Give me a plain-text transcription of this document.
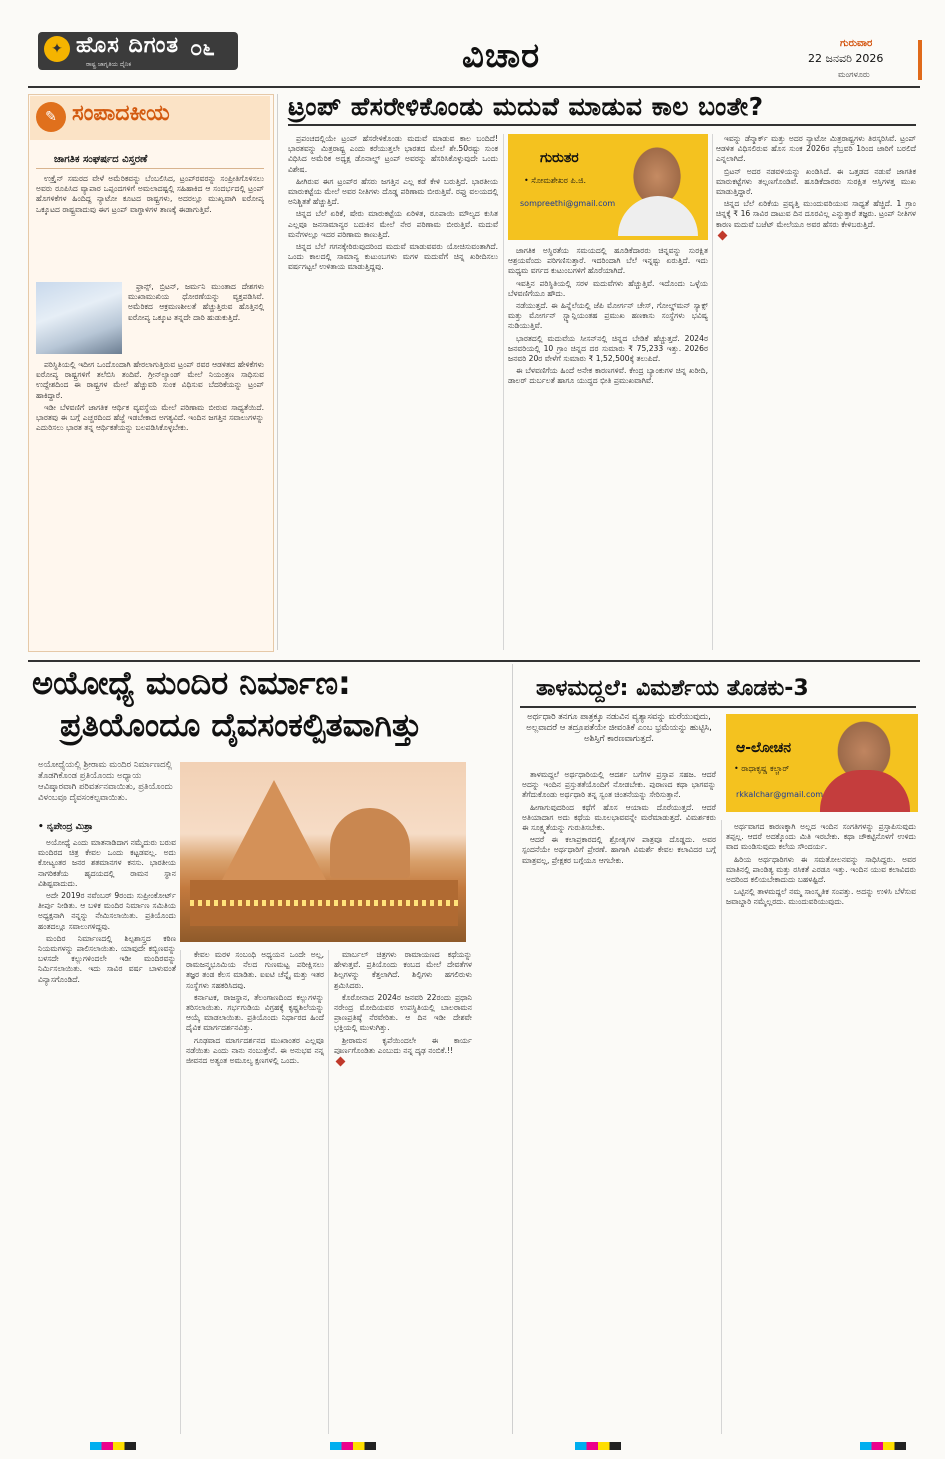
✦ ಹೊಸ ದಿಗಂತ
ರಾಷ್ಟ್ರ ಜಾಗೃತಿಯ ದೈನಿಕ
೦೬	ವಿಚಾರ	ಗುರುವಾರ
22 ಜನವರಿ 2026
ಮಂಗಳೂರು
✎ ಸಂಪಾದಕೀಯ
ಜಾಗತಿಕ ಸಂಘರ್ಷದ ವಿಸ್ತರಣೆ

ಉಕ್ರೈನ್ ಸಮರದ ವೇಳೆ ಅಮೆರಿಕವನ್ನು ಬೆಂಬಲಿಸಿದ, ಟ್ರಂಪ್‌ರವರನ್ನು ಸಂಪ್ರೀತಿಗೊಳಿಸಲು ಅವರು ರೂಪಿಸಿದ ವ್ಯಾಪಾರ ಒಪ್ಪಂದಗಳಿಗೆ ಅಮಲಾದಷ್ಟಲ್ಲಿ ಸಹಿಹಾಕಿದ ಆ ಸಂದರ್ಭದಲ್ಲಿ ಟ್ರಂಪ್ ಹೊಗಳಿಕೆಗಳ ಹಿಂದಿದ್ದ ನ್ಯಾಟೋ ಕೂಟದ ರಾಷ್ಟ್ರಗಳು, ಅದರಲ್ಲೂ ಮುಖ್ಯವಾಗಿ ಐರೋಪ್ಯ ಒಕ್ಕೂಟದ ರಾಷ್ಟ್ರವಾದುವು ಈಗ ಟ್ರಂಪ್ ವಾಗ್ದಾಳಿಗಳ ತಾಣಕ್ಕೆ ಈಡಾಗುತ್ತಿವೆ.

ಫ್ರಾನ್ಸ್, ಬ್ರಿಟನ್, ಜರ್ಮನಿ ಮುಂತಾದ ದೇಶಗಳು ಮುಖಾಮುಖಿಯ ಧೋರಣೆಯನ್ನು ವ್ಯಕ್ತಪಡಿಸಿವೆ. ಅಮೆರಿಕದ ಆಕ್ರಮಣಶೀಲತೆ ಹೆಚ್ಚುತ್ತಿರುವ ಹೊತ್ತಿನಲ್ಲಿ ಐರೋಪ್ಯ ಒಕ್ಕೂಟ ತನ್ನದೇ ದಾರಿ ಹುಡುಕುತ್ತಿದೆ.

ಪರಿಸ್ಥಿತಿಯಲ್ಲಿ ಇದೀಗ ಒಂದೊಂದಾಗಿ ಹೇರಲಾಗುತ್ತಿರುವ ಟ್ರಂಪ್ ರವರ ಆಡಳಿತದ ಹೇಳಿಕೆಗಳು ಐರೋಪ್ಯ ರಾಷ್ಟ್ರಗಳಿಗೆ ತಲೆಬಿಸಿ ತಂದಿವೆ. ಗ್ರೀನ್‌ಲ್ಯಾಂಡ್ ಮೇಲೆ ನಿಯಂತ್ರಣ ಸಾಧಿಸುವ ಉದ್ದೇಶದಿಂದ ಈ ರಾಷ್ಟ್ರಗಳ ಮೇಲೆ ಹೆಚ್ಚುವರಿ ಸುಂಕ ವಿಧಿಸುವ ಬೆದರಿಕೆಯನ್ನು ಟ್ರಂಪ್ ಹಾಕಿದ್ದಾರೆ.

ಇಡೀ ಬೆಳವಣಿಗೆ ಜಾಗತಿಕ ಆರ್ಥಿಕ ವ್ಯವಸ್ಥೆಯ ಮೇಲೆ ಪರಿಣಾಮ ಬೀರುವ ಸಾಧ್ಯತೆಯಿದೆ. ಭಾರತವು ಈ ಬಗ್ಗೆ ಎಚ್ಚರದಿಂದ ಹೆಜ್ಜೆ ಇಡಬೇಕಾದ ಅಗತ್ಯವಿದೆ. ಇಂದಿನ ಜಗತ್ತಿನ ಸವಾಲುಗಳನ್ನು ಎದುರಿಸಲು ಭಾರತ ತನ್ನ ಆರ್ಥಿಕತೆಯನ್ನು ಬಲಪಡಿಸಿಕೊಳ್ಳಬೇಕು.

ಟ್ರಂಪ್ ಹೆಸರೇಳಿಕೊಂಡು ಮದುವೆ ಮಾಡುವ ಕಾಲ ಬಂತೇ?

ಪ್ರಪಂಚದಲ್ಲಿಯೇ ಟ್ರಂಪ್ ಹೆಸರೇಳಿಕೊಂಡು ಮದುವೆ ಮಾಡುವ ಕಾಲ ಬಂದಿದೆ! ಭಾರತವನ್ನು ಮಿತ್ರರಾಷ್ಟ್ರ ಎಂದು ಕರೆಯುತ್ತಲೇ ಭಾರತದ ಮೇಲೆ ಶೇ.50ರಷ್ಟು ಸುಂಕ ವಿಧಿಸಿದ ಅಮೆರಿಕ ಅಧ್ಯಕ್ಷ ಡೊನಾಲ್ಡ್ ಟ್ರಂಪ್ ಅವರನ್ನು ಹೆಸರಿಸಿಕೊಳ್ಳುವುದೇ ಒಂದು ವಿಶೇಷ.

ಹೀಗಿರುವ ಈಗ ಟ್ರಂಪ್‌ರ ಹೆಸರು ಜಗತ್ತಿನ ಎಲ್ಲ ಕಡೆ ಕೇಳಿ ಬರುತ್ತಿದೆ. ಭಾರತೀಯ ಮಾರುಕಟ್ಟೆಯ ಮೇಲೆ ಅವರ ನೀತಿಗಳು ದೊಡ್ಡ ಪರಿಣಾಮ ಬೀರುತ್ತಿವೆ. ರಫ್ತು ವಲಯದಲ್ಲಿ ಅನಿಶ್ಚಿತತೆ ಹೆಚ್ಚುತ್ತಿದೆ.

ಚಿನ್ನದ ಬೆಲೆ ಏರಿಕೆ, ಷೇರು ಮಾರುಕಟ್ಟೆಯ ಏರಿಳಿತ, ರೂಪಾಯಿ ಮೌಲ್ಯದ ಕುಸಿತ ಎಲ್ಲವೂ ಜನಸಾಮಾನ್ಯರ ಬದುಕಿನ ಮೇಲೆ ನೇರ ಪರಿಣಾಮ ಬೀರುತ್ತಿವೆ. ಮದುವೆ ಮನೆಗಳಲ್ಲೂ ಇದರ ಪರಿಣಾಮ ಕಾಣುತ್ತಿದೆ.

ಚಿನ್ನದ ಬೆಲೆ ಗಗನಕ್ಕೇರಿರುವುದರಿಂದ ಮದುವೆ ಮಾಡುವವರು ಯೋಚಿಸುವಂತಾಗಿದೆ. ಒಂದು ಕಾಲದಲ್ಲಿ ಸಾಮಾನ್ಯ ಕುಟುಂಬಗಳು ಮಗಳ ಮದುವೆಗೆ ಚಿನ್ನ ಖರೀದಿಸಲು ವರ್ಷಗಟ್ಟಲೆ ಉಳಿತಾಯ ಮಾಡುತ್ತಿದ್ದವು.

ಗುರುತರ
• ಸೋಮಶೇಖರ ಪಿ.ಜಿ.
sompreethi@gmail.com

ಜಾಗತಿಕ ಅಸ್ಥಿರತೆಯ ಸಮಯದಲ್ಲಿ ಹೂಡಿಕೆದಾರರು ಚಿನ್ನವನ್ನು ಸುರಕ್ಷಿತ ಆಶ್ರಯವೆಂದು ಪರಿಗಣಿಸುತ್ತಾರೆ. ಇದರಿಂದಾಗಿ ಬೆಲೆ ಇನ್ನಷ್ಟು ಏರುತ್ತಿದೆ. ಇದು ಮಧ್ಯಮ ವರ್ಗದ ಕುಟುಂಬಗಳಿಗೆ ಹೊರೆಯಾಗಿದೆ.

ಇವತ್ತಿನ ಪರಿಸ್ಥಿತಿಯಲ್ಲಿ ಸರಳ ಮದುವೆಗಳು ಹೆಚ್ಚುತ್ತಿವೆ. ಇದೊಂದು ಒಳ್ಳೆಯ ಬೆಳವಣಿಗೆಯೂ ಹೌದು.

ನಡೆಯುತ್ತದೆ. ಈ ಹಿನ್ನೆಲೆಯಲ್ಲಿ ಜೆಪಿ ಮೋರ್ಗನ್ ಚೇಸ್, ಗೋಲ್ಡ್‌ಮನ್ ಸ್ಯಾಕ್ಸ್ ಮತ್ತು ಮೋರ್ಗನ್ ಸ್ಟ್ಯಾನ್ಲಿಯಂತಹ ಪ್ರಮುಖ ಹಣಕಾಸು ಸಂಸ್ಥೆಗಳು ಭವಿಷ್ಯ ನುಡಿಯುತ್ತಿವೆ.

ಭಾರತದಲ್ಲಿ ಮದುವೆಯ ಸೀಸನ್‌ನಲ್ಲಿ ಚಿನ್ನದ ಬೇಡಿಕೆ ಹೆಚ್ಚುತ್ತದೆ. 2024ರ ಜನವರಿಯಲ್ಲಿ 10 ಗ್ರಾಂ ಚಿನ್ನದ ದರ ಸುಮಾರು ₹ 75,233 ಇತ್ತು. 2026ರ ಜನವರಿ 20ರ ವೇಳೆಗೆ ಸುಮಾರು ₹ 1,52,500ಕ್ಕೆ ತಲುಪಿದೆ.

ಈ ಬೆಳವಣಿಗೆಯ ಹಿಂದೆ ಅನೇಕ ಕಾರಣಗಳಿವೆ. ಕೇಂದ್ರ ಬ್ಯಾಂಕುಗಳ ಚಿನ್ನ ಖರೀದಿ, ಡಾಲರ್ ದುರ್ಬಲತೆ ಹಾಗೂ ಯುದ್ಧದ ಭೀತಿ ಪ್ರಮುಖವಾಗಿವೆ.

ಇವನ್ನು ಡೆನ್ಮಾರ್ಕ್ ಮತ್ತು ಅದರ ನ್ಯಾಟೋ ಮಿತ್ರರಾಷ್ಟ್ರಗಳು ತಿರಸ್ಕರಿಸಿವೆ. ಟ್ರಂಪ್ ಆಡಳಿತ ವಿಧಿಸಲಿರುವ ಹೊಸ ಸುಂಕ 2026ರ ಫೆಬ್ರವರಿ 1ರಿಂದ ಜಾರಿಗೆ ಬರಲಿದೆ ಎನ್ನಲಾಗಿದೆ.

ಬ್ರಿಟನ್ ಅದರ ನಡವಳಿಯನ್ನು ಖಂಡಿಸಿದೆ. ಈ ಒತ್ತಡದ ನಡುವೆ ಜಾಗತಿಕ ಮಾರುಕಟ್ಟೆಗಳು ತಲ್ಲಣಗೊಂಡಿವೆ. ಹೂಡಿಕೆದಾರರು ಸುರಕ್ಷಿತ ಆಸ್ತಿಗಳತ್ತ ಮುಖ ಮಾಡುತ್ತಿದ್ದಾರೆ.

ಚಿನ್ನದ ಬೆಲೆ ಏರಿಕೆಯ ಪ್ರವೃತ್ತಿ ಮುಂದುವರಿಯುವ ಸಾಧ್ಯತೆ ಹೆಚ್ಚಿದೆ. 1 ಗ್ರಾಂ ಚಿನ್ನಕ್ಕೆ ₹ 16 ಸಾವಿರ ದಾಟುವ ದಿನ ದೂರವಿಲ್ಲ ಎನ್ನುತ್ತಾರೆ ತಜ್ಞರು. ಟ್ರಂಪ್ ನೀತಿಗಳ ಕಾರಣ ಮದುವೆ ಬಜೆಟ್ ಮೇಲೆಯೂ ಅವರ ಹೆಸರು ಕೇಳಿಬರುತ್ತಿದೆ.

ಅಯೋಧ್ಯೆ ಮಂದಿರ ನಿರ್ಮಾಣ:
ಪ್ರತಿಯೊಂದೂ ದೈವಸಂಕಲ್ಪಿತವಾಗಿತ್ತು
ಅಯೋಧ್ಯೆಯಲ್ಲಿ ಶ್ರೀರಾಮ ಮಂದಿರ ನಿರ್ಮಾಣದಲ್ಲಿ ತೊಡಗಿಕೊಂಡ ಪ್ರತಿಯೊಂದು ಅಧ್ಯಾಯ ಆವಿಷ್ಕಾರವಾಗಿ ಪರಿವರ್ತನವಾಯಿತು, ಪ್ರತಿಯೊಂದು ವಿಳಂಬವೂ ದೈವಸಂಕಲ್ಪವಾಯಿತು.
• ನೃಪೇಂದ್ರ ಮಿಶ್ರಾ

ಅಯೋಧ್ಯೆ ಎಂದು ಮಾತನಾಡಿದಾಗ ನಮ್ಮೆದುರು ಬರುವ ಮಂದಿರದ ಚಿತ್ರ ಕೇವಲ ಒಂದು ಕಟ್ಟಡವಲ್ಲ. ಅದು ಕೋಟ್ಯಂತರ ಜನರ ಶತಮಾನಗಳ ಕನಸು. ಭಾರತೀಯ ನಾಗರಿಕತೆಯ ಹೃದಯದಲ್ಲಿ ರಾಮನ ಸ್ಥಾನ ವಿಶಿಷ್ಟವಾದುದು.

ಅದೇ 2019ರ ನವೆಂಬರ್ 9ರಂದು ಸುಪ್ರೀಂಕೋರ್ಟ್ ತೀರ್ಪು ನೀಡಿತು. ಆ ಬಳಿಕ ಮಂದಿರ ನಿರ್ಮಾಣ ಸಮಿತಿಯ ಅಧ್ಯಕ್ಷನಾಗಿ ನನ್ನನ್ನು ನೇಮಿಸಲಾಯಿತು. ಪ್ರತಿಯೊಂದು ಹಂತದಲ್ಲೂ ಸವಾಲುಗಳಿದ್ದವು.

ಮಂದಿರ ನಿರ್ಮಾಣದಲ್ಲಿ ಶಿಲ್ಪಶಾಸ್ತ್ರದ ಕಠಿಣ ನಿಯಮಗಳನ್ನು ಪಾಲಿಸಲಾಯಿತು. ಯಾವುದೇ ಕಬ್ಬಿಣವನ್ನು ಬಳಸದೇ ಕಲ್ಲುಗಳಿಂದಲೇ ಇಡೀ ಮಂದಿರವನ್ನು ನಿರ್ಮಿಸಲಾಯಿತು. ಇದು ಸಾವಿರ ವರ್ಷ ಬಾಳುವಂತೆ ವಿನ್ಯಾಸಗೊಂಡಿದೆ.

ಕೇವಲ ಮರಳ ಸಂಬಂಧಿ ಅಧ್ಯಯನ ಒಂದೇ ಅಲ್ಲ, ರಾಮಜನ್ಮಭೂಮಿಯ ನೆಲದ ಗುಣಮಟ್ಟ ಪರೀಕ್ಷಿಸಲು ತಜ್ಞರ ತಂಡ ಕೆಲಸ ಮಾಡಿತು. ಐಐಟಿ ಚೆನ್ನೈ ಮತ್ತು ಇತರ ಸಂಸ್ಥೆಗಳು ಸಹಕರಿಸಿದವು.

ಕರ್ನಾಟಕ, ರಾಜಸ್ಥಾನ, ತೆಲಂಗಾಣದಿಂದ ಕಲ್ಲುಗಳನ್ನು ತರಿಸಲಾಯಿತು. ಗರ್ಭಗುಡಿಯ ವಿಗ್ರಹಕ್ಕೆ ಕೃಷ್ಣಶಿಲೆಯನ್ನು ಆಯ್ಕೆ ಮಾಡಲಾಯಿತು. ಪ್ರತಿಯೊಂದು ನಿರ್ಧಾರದ ಹಿಂದೆ ದೈವಿಕ ಮಾರ್ಗದರ್ಶನವಿತ್ತು.

ಗೂಢವಾದ ಮಾರ್ಗದರ್ಶನದ ಮುಖಾಂತರ ಎಲ್ಲವೂ ನಡೆಯಿತು ಎಂದು ನಾನು ನಂಬುತ್ತೇನೆ. ಈ ಅನುಭವ ನನ್ನ ಜೀವನದ ಅತ್ಯಂತ ಅಮೂಲ್ಯ ಕ್ಷಣಗಳಲ್ಲಿ ಒಂದು.

ಮಾರ್ಬಲ್ ಚಿತ್ರಗಳು ರಾಮಾಯಣದ ಕಥೆಯನ್ನು ಹೇಳುತ್ತವೆ. ಪ್ರತಿಯೊಂದು ಕಂಬದ ಮೇಲೆ ದೇವತೆಗಳ ಶಿಲ್ಪಗಳನ್ನು ಕೆತ್ತಲಾಗಿದೆ. ಶಿಲ್ಪಿಗಳು ಹಗಲಿರುಳು ಶ್ರಮಿಸಿದರು.

ಕೊರೋನಾದ 2024ರ ಜನವರಿ 22ರಂದು ಪ್ರಧಾನಿ ನರೇಂದ್ರ ಮೋದಿಯವರ ಉಪಸ್ಥಿತಿಯಲ್ಲಿ ಬಾಲರಾಮನ ಪ್ರಾಣಪ್ರತಿಷ್ಠೆ ನೆರವೇರಿತು. ಆ ದಿನ ಇಡೀ ದೇಶವೇ ಭಕ್ತಿಯಲ್ಲಿ ಮುಳುಗಿತ್ತು.

ಶ್ರೀರಾಮನ ಕೃಪೆಯಿಂದಲೇ ಈ ಕಾರ್ಯ ಪೂರ್ಣಗೊಂಡಿತು ಎಂಬುದು ನನ್ನ ದೃಢ ನಂಬಿಕೆ.!!

ತಾಳಮದ್ದಲೆ: ವಿಮರ್ಶೆಯ ತೊಡಕು-3
ಅರ್ಥಧಾರಿ ತನಗೂ ಪಾತ್ರಕ್ಕೂ ನಡುವಿನ ವ್ಯತ್ಯಾಸವನ್ನು ಮರೆಯುವುದು, ಅಲ್ಲವಾದರೆ ಆ ತದ್ರೂಪತೆಯೇ ಜೀವಂತಿಕೆ ಎಂಬ ಭ್ರಮೆಯನ್ನು ಹುಟ್ಟಿಸಿ, ಅಶಿಸ್ತಿಗೆ ಕಾರಣವಾಗುತ್ತದೆ.
ಆ-ಲೋಚನ
• ರಾಧಾಕೃಷ್ಣ ಕಲ್ಚಾರ್
rkkalchar@gmail.com

ತಾಳಮದ್ದಲೆ ಅರ್ಥಧಾರಿಯಲ್ಲಿ ಆದರ್ಶ ಬಗೆಗಳ ಪ್ರಸ್ತಾಪ ಸಹಜ. ಆದರೆ ಅದನ್ನು ಇಂದಿನ ಪ್ರಸ್ತುತತೆಯೊಂದಿಗೆ ನೋಡಬೇಕು. ಪುರಾಣದ ಕಥಾ ಭಾಗವನ್ನು ತೆಗೆದುಕೊಂಡು ಅರ್ಥಧಾರಿ ತನ್ನ ಸ್ವಂತ ಚಿಂತನೆಯನ್ನು ಸೇರಿಸುತ್ತಾನೆ.

ಹೀಗಾಗುವುದರಿಂದ ಕಥೆಗೆ ಹೊಸ ಆಯಾಮ ದೊರೆಯುತ್ತದೆ. ಆದರೆ ಅತಿಯಾದಾಗ ಅದು ಕಥೆಯ ಮೂಲಭಾವವನ್ನೇ ಮರೆಮಾಡುತ್ತದೆ. ವಿಮರ್ಶಕರು ಈ ಸೂಕ್ಷ್ಮತೆಯನ್ನು ಗುರುತಿಸಬೇಕು.

ಆದರೆ ಈ ಕಲಾಪ್ರಕಾರದಲ್ಲಿ ಶ್ರೋತೃಗಳ ಪಾತ್ರವೂ ದೊಡ್ಡದು. ಅವರ ಸ್ಪಂದನೆಯೇ ಅರ್ಥಧಾರಿಗೆ ಪ್ರೇರಣೆ. ಹಾಗಾಗಿ ವಿಮರ್ಶೆ ಕೇವಲ ಕಲಾವಿದರ ಬಗ್ಗೆ ಮಾತ್ರವಲ್ಲ, ಪ್ರೇಕ್ಷಕರ ಬಗ್ಗೆಯೂ ಆಗಬೇಕು.

ಅರ್ಥವಾಗದ ಕಾರಣಕ್ಕಾಗಿ ಅಲ್ಲದ ಇಂದಿನ ಸಂಗತಿಗಳನ್ನು ಪ್ರಸ್ತಾಪಿಸುವುದು ತಪ್ಪಲ್ಲ. ಆದರೆ ಅದಕ್ಕೊಂದು ಮಿತಿ ಇರಬೇಕು. ಕಥಾ ಚೌಕಟ್ಟಿನೊಳಗೆ ಉಳಿದು ವಾದ ಮಂಡಿಸುವುದು ಕಲೆಯ ಸೌಂದರ್ಯ.

ಹಿರಿಯ ಅರ್ಥಧಾರಿಗಳು ಈ ಸಮತೋಲನವನ್ನು ಸಾಧಿಸಿದ್ದರು. ಅವರ ಮಾತಿನಲ್ಲಿ ಪಾಂಡಿತ್ಯ ಮತ್ತು ರಸಿಕತೆ ಎರಡೂ ಇತ್ತು. ಇಂದಿನ ಯುವ ಕಲಾವಿದರು ಅದರಿಂದ ಕಲಿಯಬೇಕಾದುದು ಬಹಳಷ್ಟಿದೆ.

ಒಟ್ಟಿನಲ್ಲಿ ತಾಳಮದ್ದಲೆ ನಮ್ಮ ಸಾಂಸ್ಕೃತಿಕ ಸಂಪತ್ತು. ಅದನ್ನು ಉಳಿಸಿ ಬೆಳೆಸುವ ಜವಾಬ್ದಾರಿ ನಮ್ಮೆಲ್ಲರದು. ಮುಂದುವರಿಯುವುದು.
